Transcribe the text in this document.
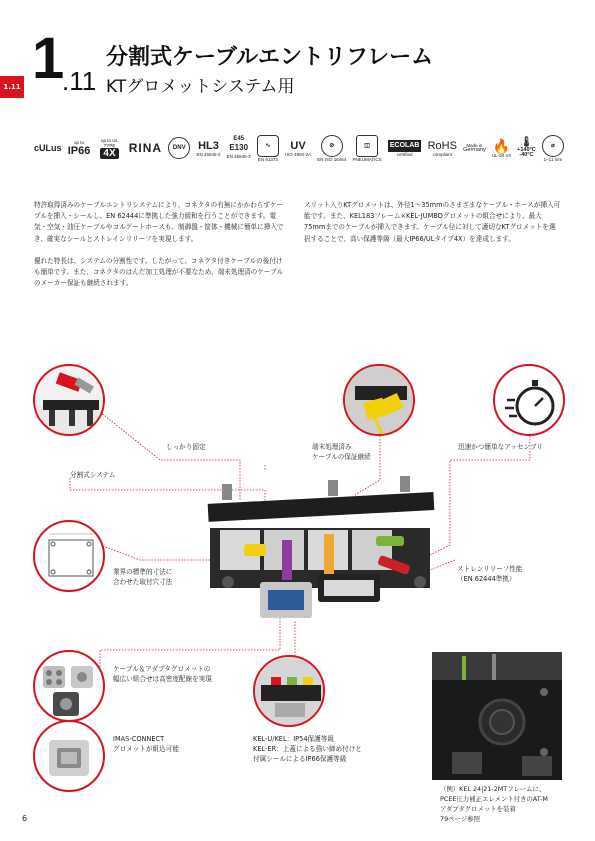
1.11 1 .11
分割式ケーブルエントリフレーム
KTグロメットシステム用
cULus
up to
IP66
up to UL TYPE
4X RINA	DNV	HL3
EN 45545-2
E45
E130
EN 45545-3
∿
EN 61373
UV
ISO 4892-2A
⊘
EN ISO 16464
◫
PNEUMATICS
ECOLAB
certified
RoHS
compliant
Made in
Germany 🔥
UL-94 V0
🌡
+140°C
-40°C
⌀
1–11 mm

特許取得済みのケーブルエントリシステムにより、コネクタの有無にかかわらずケーブルを挿入・シールし、EN 62444に準拠した強力緩和を行うことができます。電気・空気・油圧ケーブルやコルゲートホースも、制御盤・筐体・機械に簡単に挿入でき、確実なシールとストレインリリーフを実現します。

優れた特長は、システムの分割性です。したがって、コネクタ付きケーブルの後付けも簡単です。また、コネクタのはんだ加工処理が不要なため、端末処理済のケーブルのメーカー保証も継続されます。

スリット入りKTグロメットは、外径1～35mmのさまざまなケーブル・ホースが挿入可能です。また、KEL183フレーム×KEL-JUMBOグロメットの組合せにより、最大75mmまでのケーブルが挿入できます。ケーブル径に対して適切なKTグロメットを選択することで、高い保護等級（最大IP66/ULタイプ4X）を達成します。

しっかり固定	端末処理済み
ケーブルの保証継続
迅速かつ簡単なアッセンブリ
分割式システム
業界の標準的寸法に
合わせた取付穴寸法
ストレンリリーフ性能
（EN 62444準拠）
ケーブル＆アダプタグロメットの
幅広い組合せは高密度配線を実現
IMAS-CONNECT
グロメットが組込可能
KEL-U/KEL：IP54保護等級
KEL-ER：上蓋による強い締め付けと
付属シールによるIP66保護等級
（例）KEL 24|21-2MTフレームに、
PCEE圧力補正エレメント付きのAT-M
アダプタグロメットを装着
79ページ参照
6
